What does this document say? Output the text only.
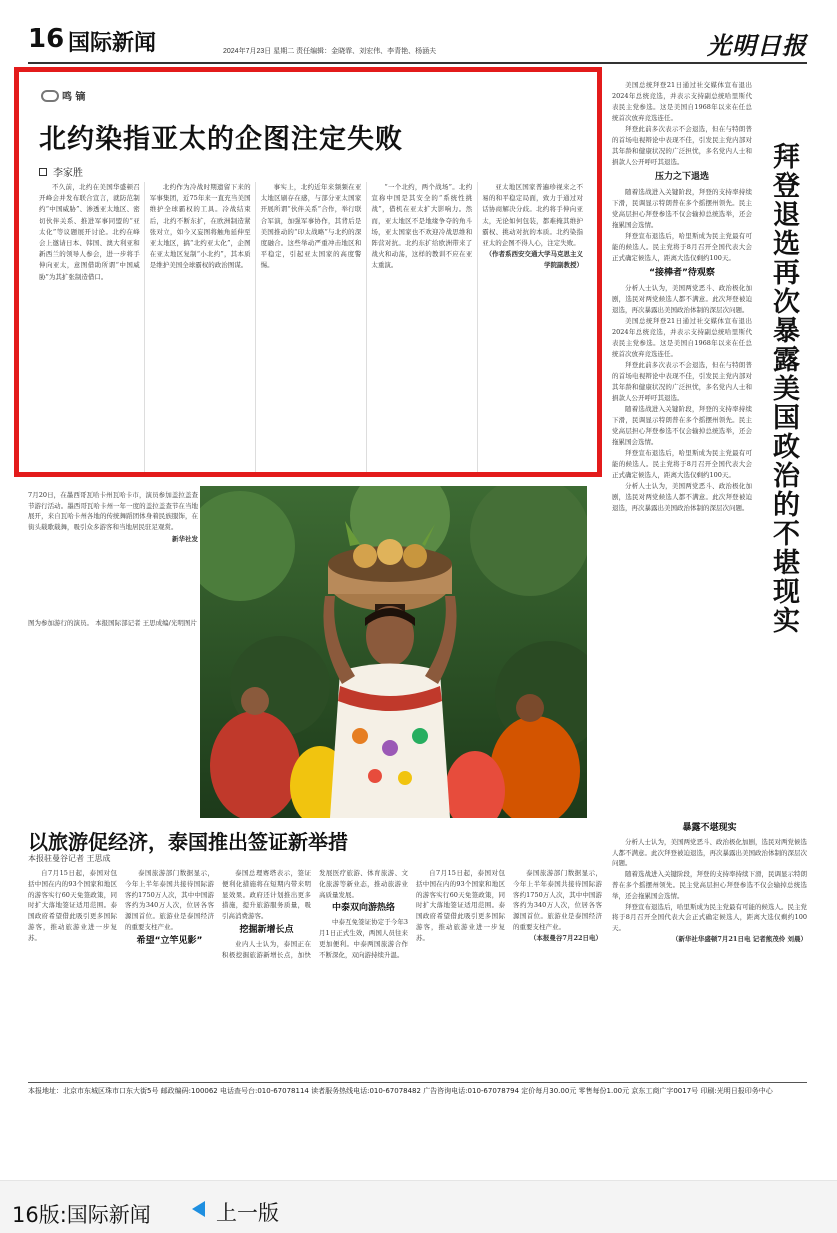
16 国际新闻	2024年7月23日 星期二 责任编辑：金晓霏、刘宏伟、李青艳、杨涵夫	光明日报
鸣 镝
北约染指亚太的企图注定失败
李家胜

不久前，北约在美国华盛顿召开峰会并发布联合宣言，就防范制约“中国威胁”、渗透亚太地区、密切伙伴关系、推进军事同盟的“亚太化”等议题展开讨论。北约在峰会上邀请日本、韩国、澳大利亚和新西兰的领导人参会，进一步将手伸向亚太，意图借助所谓“中国威胁”为其扩张制造借口。

北约作为冷战时期遗留下来的军事集团，近75年来一直充当美国维护全球霸权的工具。冷战结束后，北约不断东扩，在欧洲制造紧张对立，如今又妄图将触角延伸至亚太地区，搞“北约亚太化”，企图在亚太地区复制“小北约”，其本质是维护美国全球霸权的政治图谋。

事实上，北约近年来频频在亚太地区刷存在感，与部分亚太国家开展所谓“伙伴关系”合作，举行联合军演，加强军事协作，其背后是美国推动的“印太战略”与北约的深度融合。这些举动严重冲击地区和平稳定，引起亚太国家的高度警惕。

“一个北约，两个战场”。北约宣称中国是其安全的“系统性挑战”，借机在亚太扩大影响力。然而，亚太地区不是地缘争夺的角斗场，亚太国家也不欢迎冷战思维和阵营对抗。北约东扩给欧洲带来了战火和动荡，这样的教训不应在亚太重演。

亚太地区国家普遍珍视来之不易的和平稳定局面，致力于通过对话协商解决分歧。北约将手伸向亚太，无论如何包装，都难掩其维护霸权、挑动对抗的本质。北约染指亚太的企图不得人心，注定失败。

（作者系西安交通大学马克思主义学院副教授）

7月20日，在墨西哥瓦哈卡州瓦哈卡市，演员参加盖拉盖查节游行活动。墨西哥瓦哈卡州一年一度的盖拉盖查节在当地展开，来自瓦哈卡州各地的传统舞蹈团体身着民族服饰，在街头载歌载舞，吸引众多游客和当地居民驻足观赏。
新华社发
图为参加游行的演员。 本报国际部记者 王思成编/光明图片

美国总统拜登21日通过社交媒体宣布退出2024年总统竞选，并表示支持副总统哈里斯代表民主党参选。这是美国自1968年以来在任总统首次放弃竞选连任。

拜登此前多次表示不会退选，但在与特朗普的首场电视辩论中表现不佳，引发民主党内部对其年龄和健康状况的广泛担忧，多名党内人士和捐款人公开呼吁其退选。

压力之下退选

随着选战进入关键阶段，拜登的支持率持续下滑，民调显示特朗普在多个摇摆州领先。民主党高层担心拜登参选不仅会输掉总统选举，还会拖累国会选情。

拜登宣布退选后，哈里斯成为民主党最有可能的候选人。民主党将于8月召开全国代表大会正式确定候选人，距离大选仅剩约100天。

“接棒者”待观察

分析人士认为，美国两党恶斗、政治极化加剧，选民对两党候选人都不满意。此次拜登被迫退选，再次暴露出美国政治体制的深层次问题。

美国总统拜登21日通过社交媒体宣布退出2024年总统竞选，并表示支持副总统哈里斯代表民主党参选。这是美国自1968年以来在任总统首次放弃竞选连任。

拜登此前多次表示不会退选，但在与特朗普的首场电视辩论中表现不佳，引发民主党内部对其年龄和健康状况的广泛担忧，多名党内人士和捐款人公开呼吁其退选。

随着选战进入关键阶段，拜登的支持率持续下滑，民调显示特朗普在多个摇摆州领先。民主党高层担心拜登参选不仅会输掉总统选举，还会拖累国会选情。

拜登宣布退选后，哈里斯成为民主党最有可能的候选人。民主党将于8月召开全国代表大会正式确定候选人，距离大选仅剩约100天。

分析人士认为，美国两党恶斗、政治极化加剧，选民对两党候选人都不满意。此次拜登被迫退选，再次暴露出美国政治体制的深层次问题。 拜登退选再次暴露美国政治的不堪现实
以旅游促经济，泰国推出签证新举措
本报驻曼谷记者 王思成

自7月15日起，泰国对包括中国在内的93个国家和地区的游客实行60天免签政策，同时扩大落地签证适用范围。泰国政府希望借此吸引更多国际游客，推动旅游业进一步复苏。

泰国旅游部门数据显示，今年上半年泰国共接待国际游客约1750万人次，其中中国游客约为340万人次，位居各客源国首位。旅游业是泰国经济的重要支柱产业。

希望“立竿见影”

泰国总理赛塔表示，签证便利化措施将在短期内带来明显效果。政府还计划推出更多措施，提升旅游服务质量，吸引高消费游客。

挖掘新增长点

业内人士认为，泰国正在积极挖掘旅游新增长点，加快发展医疗旅游、体育旅游、文化旅游等新业态，推动旅游业高质量发展。

中泰双向游热络

中泰互免签证协定于今年3月1日正式生效，两国人员往来更加便利。中泰两国旅游合作不断深化，双向游持续升温。

自7月15日起，泰国对包括中国在内的93个国家和地区的游客实行60天免签政策，同时扩大落地签证适用范围。泰国政府希望借此吸引更多国际游客，推动旅游业进一步复苏。

泰国旅游部门数据显示，今年上半年泰国共接待国际游客约1750万人次，其中中国游客约为340万人次，位居各客源国首位。旅游业是泰国经济的重要支柱产业。

（本报曼谷7月22日电）

暴露不堪现实

分析人士认为，美国两党恶斗、政治极化加剧，选民对两党候选人都不满意。此次拜登被迫退选，再次暴露出美国政治体制的深层次问题。

随着选战进入关键阶段，拜登的支持率持续下滑，民调显示特朗普在多个摇摆州领先。民主党高层担心拜登参选不仅会输掉总统选举，还会拖累国会选情。

拜登宣布退选后，哈里斯成为民主党最有可能的候选人。民主党将于8月召开全国代表大会正式确定候选人，距离大选仅剩约100天。

（新华社华盛顿7月21日电 记者熊茂伶 刘晨）

本报地址：北京市东城区珠市口东大街5号 邮政编码:100062 电话查号台:010-67078114 读者服务热线电话:010-67078482 广告咨询电话:010-67078794 定价每月30.00元 零售每份1.00元 京东工商广字0017号 印刷:光明日报印务中心
16版:国际新闻	上一版
